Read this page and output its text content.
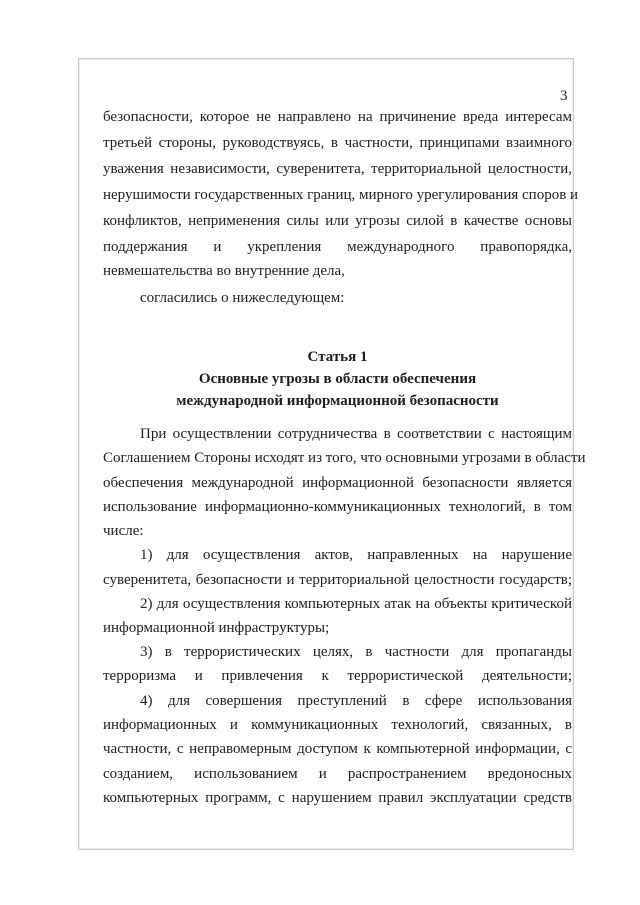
3
безопасности, которое не направлено на причинение вреда интересам
третьей стороны, руководствуясь, в частности, принципами взаимного
уважения независимости, суверенитета, территориальной целостности,
нерушимости государственных границ, мирного урегулирования споров и
конфликтов, неприменения силы или угрозы силой в качестве основы
поддержания и укрепления международного правопорядка,
невмешательства во внутренние дела,
согласились о нижеследующем:
Статья 1
Основные угрозы в области обеспечения
международной информационной безопасности
При осуществлении сотрудничества в соответствии с настоящим
Соглашением Стороны исходят из того, что основными угрозами в области
обеспечения международной информационной безопасности является
использование информационно-коммуникационных технологий, в том
числе:
1) для осуществления актов, направленных на нарушение
суверенитета, безопасности и территориальной целостности государств;
2) для осуществления компьютерных атак на объекты критической
информационной инфраструктуры;
3) в террористических целях, в частности для пропаганды
терроризма и привлечения к террористической деятельности;
4) для совершения преступлений в сфере использования
информационных и коммуникационных технологий, связанных, в
частности, с неправомерным доступом к компьютерной информации, с
созданием, использованием и распространением вредоносных
компьютерных программ, с нарушением правил эксплуатации средств
